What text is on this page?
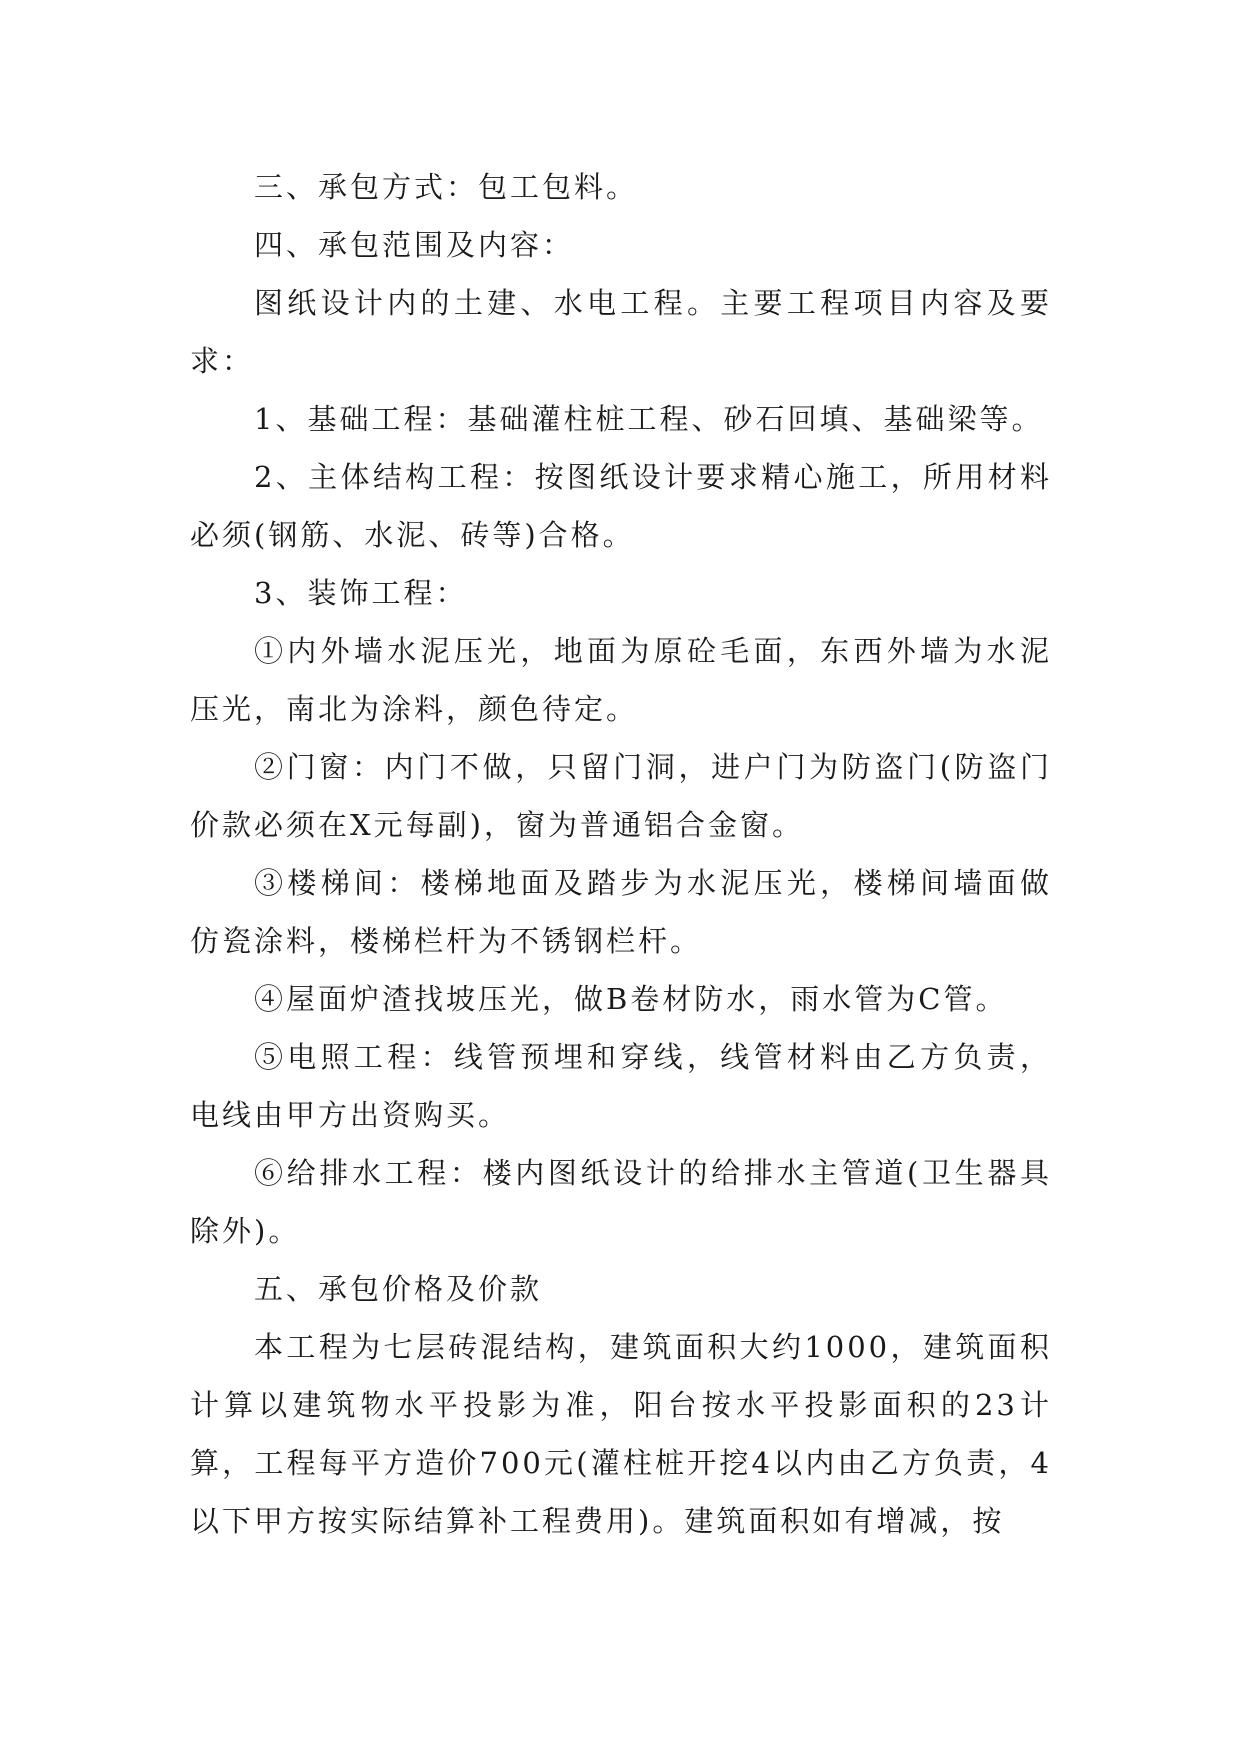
三、承包方式：包工包料。

四、承包范围及内容：

图纸设计内的土建、水电工程。主要工程项目内容及要求：

1、基础工程：基础灌柱桩工程、砂石回填、基础梁等。

2、主体结构工程：按图纸设计要求精心施工，所用材料必须(钢筋、水泥、砖等)合格。

3、装饰工程：

①内外墙水泥压光，地面为原砼毛面，东西外墙为水泥压光，南北为涂料，颜色待定。

②门窗：内门不做，只留门洞，进户门为防盗门(防盗门价款必须在X元每副)，窗为普通铝合金窗。

③楼梯间：楼梯地面及踏步为水泥压光，楼梯间墙面做仿瓷涂料，楼梯栏杆为不锈钢栏杆。

④屋面炉渣找坡压光，做B卷材防水，雨水管为C管。

⑤电照工程：线管预埋和穿线，线管材料由乙方负责，电线由甲方出资购买。

⑥给排水工程：楼内图纸设计的给排水主管道(卫生器具除外)。

五、承包价格及价款

本工程为七层砖混结构，建筑面积大约1000，建筑面积计算以建筑物水平投影为准，阳台按水平投影面积的23计算，工程每平方造价700元(灌柱桩开挖4以内由乙方负责，4以下甲方按实际结算补工程费用)。建筑面积如有增减，按
